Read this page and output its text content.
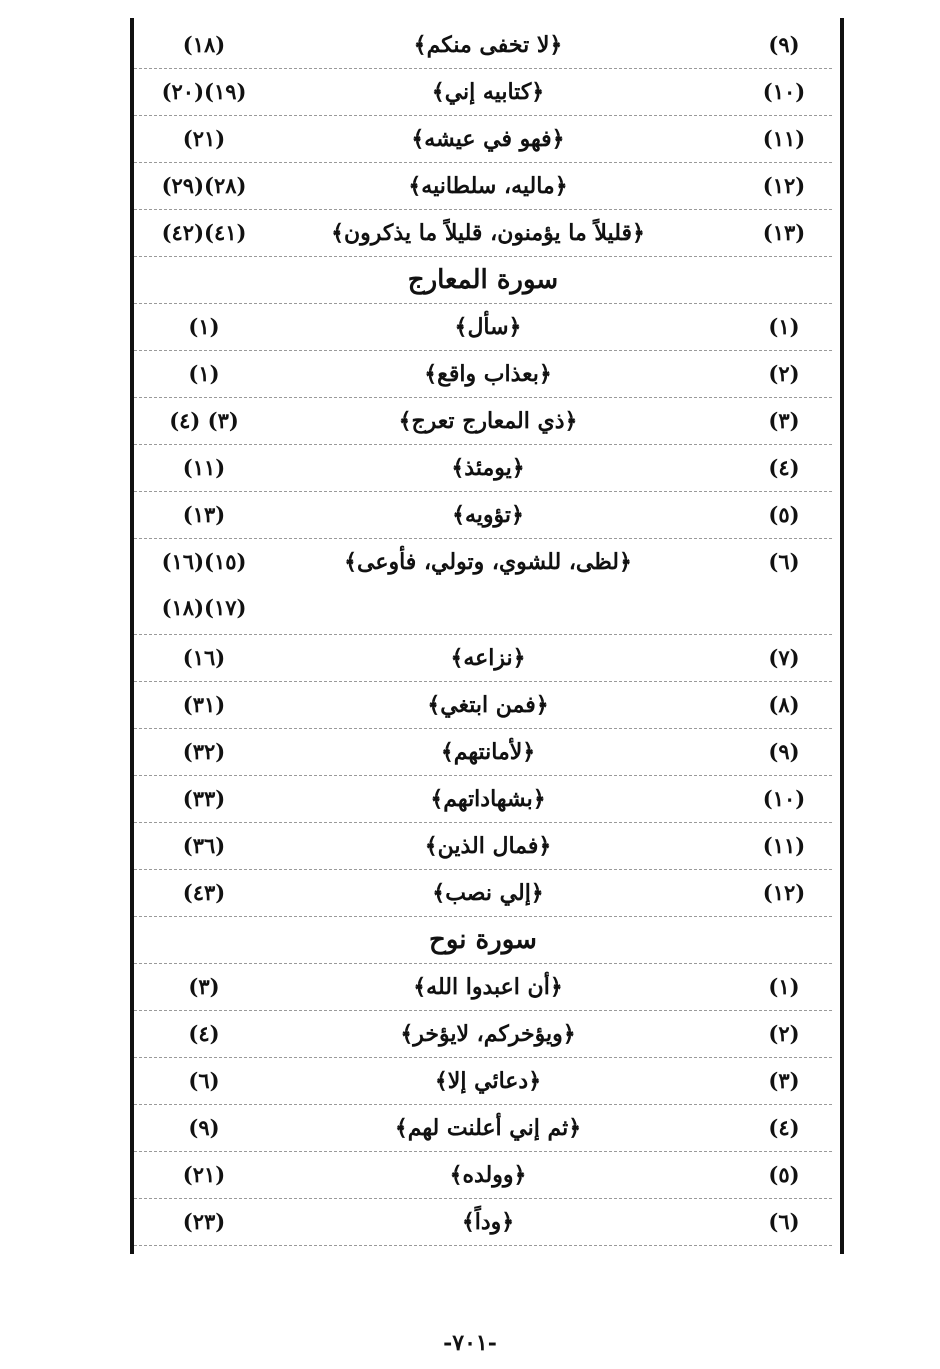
(٩)
﴿لا تخفى منكم﴾
(١٨)
(١٠)
﴿كتابيه إني﴾
(١٩)(٢٠)
(١١)
﴿فهو في عيشه﴾
(٢١)
(١٢)
﴿ماليه، سلطانيه﴾
(٢٨)(٢٩)
(١٣)
﴿قليلاً ما يؤمنون، قليلاً ما يذكرون﴾
(٤١)(٤٢)
سورة المعارج
(١)
﴿سأل﴾
(١)
(٢)
﴿بعذاب واقع﴾
(١)
(٣)
﴿ذي المعارج تعرج﴾
(٣) (٤)
(٤)
﴿يومئذ﴾
(١١)
(٥)
﴿تؤويه﴾
(١٣)
(٦)
﴿لظى، للشوي، وتولي، فأوعى﴾
(١٥)(١٦)
(١٧)(١٨)
(٧)
﴿نزاعه﴾
(١٦)
(٨)
﴿فمن ابتغي﴾
(٣١)
(٩)
﴿لأمانتهم﴾
(٣٢)
(١٠)
﴿بشهاداتهم﴾
(٣٣)
(١١)
﴿فمال الذين﴾
(٣٦)
(١٢)
﴿إلي نصب﴾
(٤٣)
سورة نوح
(١)
﴿أن اعبدوا الله﴾
(٣)
(٢)
﴿ويؤخركم، لايؤخر﴾
(٤)
(٣)
﴿دعائي إلا﴾
(٦)
(٤)
﴿ثم إني أعلنت لهم﴾
(٩)
(٥)
﴿وولده﴾
(٢١)
(٦)
﴿وداً﴾
(٢٣)
-٧٠١-
